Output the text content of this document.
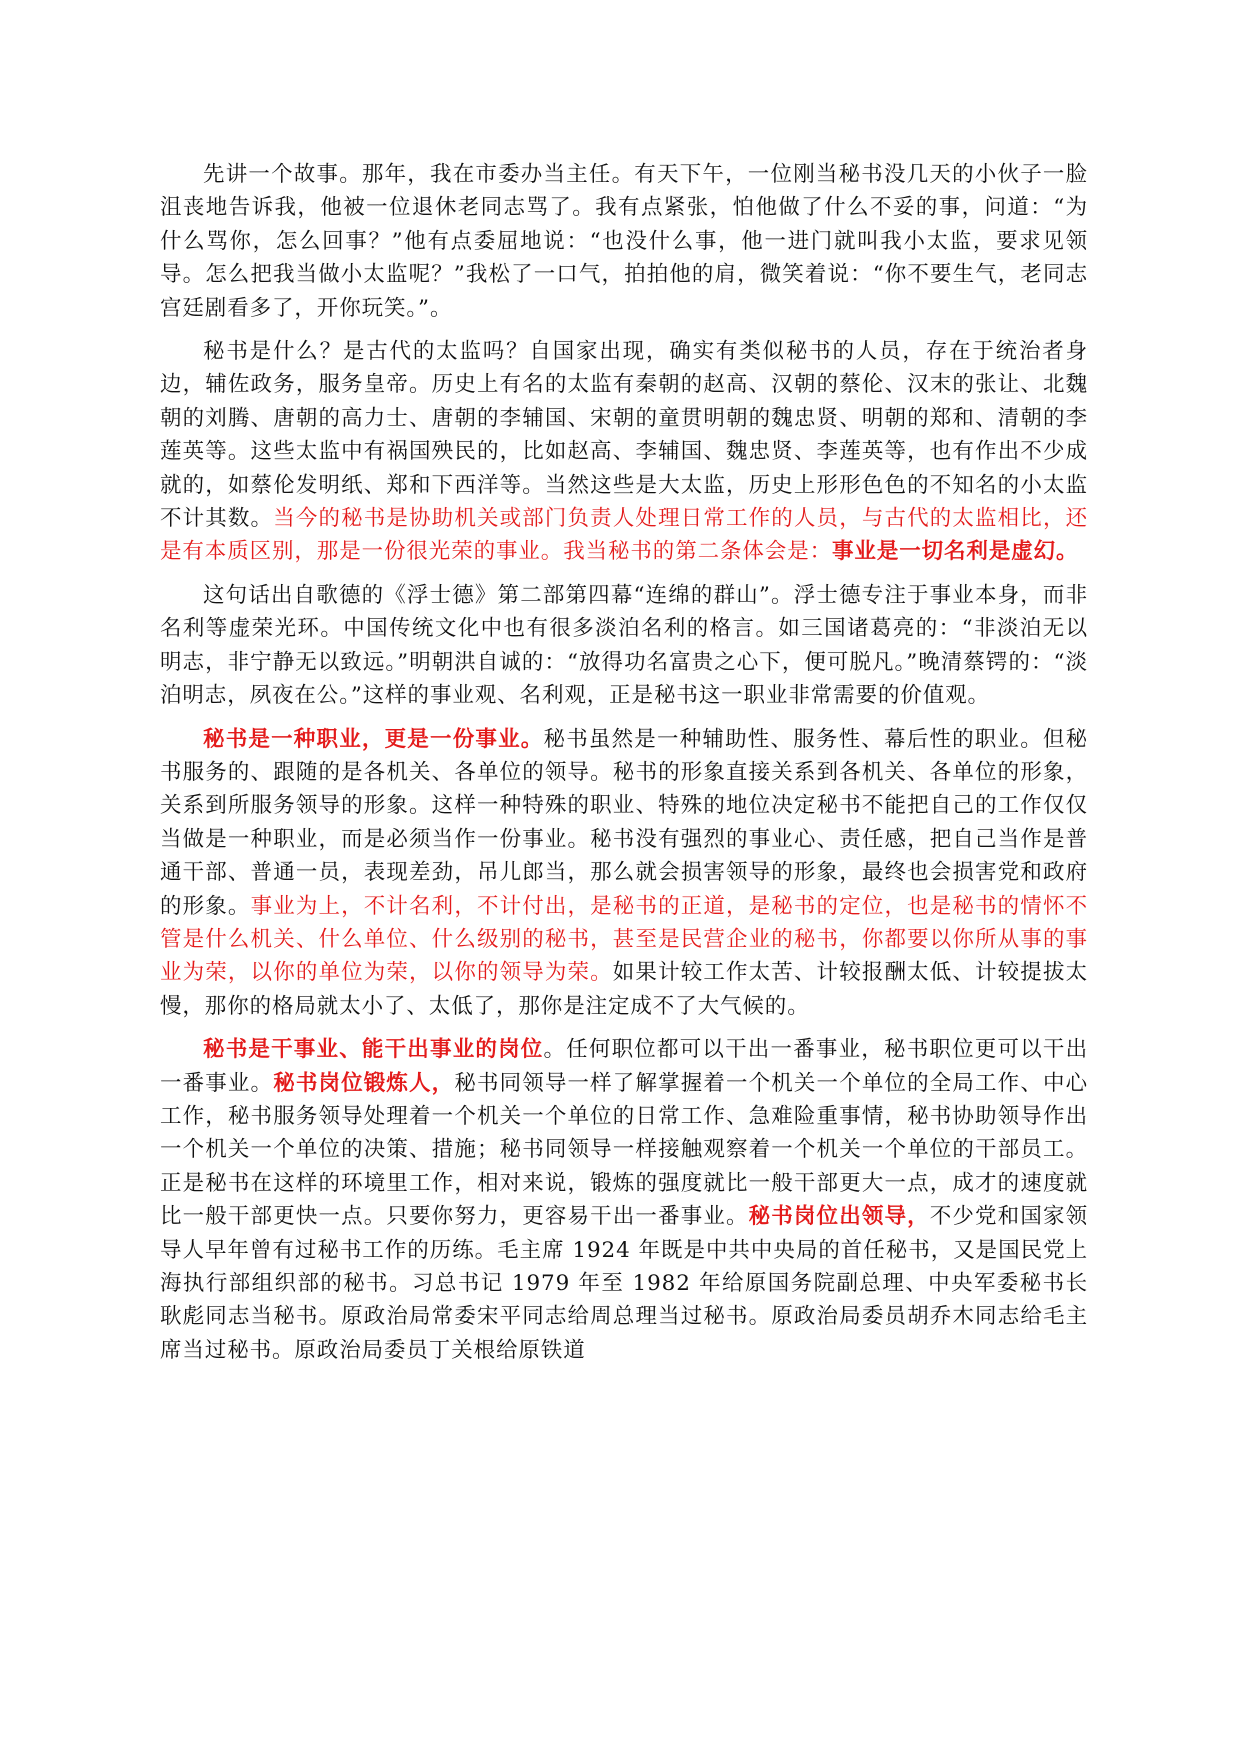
先讲一个故事。那年，我在市委办当主任。有天下午，一位刚当秘书没几天的小伙子一脸沮丧地告诉我，他被一位退休老同志骂了。我有点紧张，怕他做了什么不妥的事，问道：“为什么骂你，怎么回事？”他有点委屈地说：“也没什么事，他一进门就叫我小太监，要求见领导。怎么把我当做小太监呢？”我松了一口气，拍拍他的肩，微笑着说：“你不要生气，老同志宫廷剧看多了，开你玩笑。”。

秘书是什么？是古代的太监吗？自国家出现，确实有类似秘书的人员，存在于统治者身边，辅佐政务，服务皇帝。历史上有名的太监有秦朝的赵高、汉朝的蔡伦、汉末的张让、北魏朝的刘腾、唐朝的高力士、唐朝的李辅国、宋朝的童贯明朝的魏忠贤、明朝的郑和、清朝的李莲英等。这些太监中有祸国殃民的，比如赵高、李辅国、魏忠贤、李莲英等，也有作出不少成就的，如蔡伦发明纸、郑和下西洋等。当然这些是大太监，历史上形形色色的不知名的小太监不计其数。当今的秘书是协助机关或部门负责人处理日常工作的人员，与古代的太监相比，还是有本质区别，那是一份很光荣的事业。我当秘书的第二条体会是：事业是一切名利是虚幻。

这句话出自歌德的《浮士德》第二部第四幕“连绵的群山”。浮士德专注于事业本身，而非名利等虚荣光环。中国传统文化中也有很多淡泊名利的格言。如三国诸葛亮的：“非淡泊无以明志，非宁静无以致远。”明朝洪自诚的：“放得功名富贵之心下，便可脱凡。”晚清蔡锷的：“淡泊明志，夙夜在公。”这样的事业观、名利观，正是秘书这一职业非常需要的价值观。

秘书是一种职业，更是一份事业。秘书虽然是一种辅助性、服务性、幕后性的职业。但秘书服务的、跟随的是各机关、各单位的领导。秘书的形象直接关系到各机关、各单位的形象，关系到所服务领导的形象。这样一种特殊的职业、特殊的地位决定秘书不能把自己的工作仅仅当做是一种职业，而是必须当作一份事业。秘书没有强烈的事业心、责任感，把自己当作是普通干部、普通一员，表现差劲，吊儿郎当，那么就会损害领导的形象，最终也会损害党和政府的形象。事业为上，不计名利，不计付出，是秘书的正道，是秘书的定位，也是秘书的情怀不管是什么机关、什么单位、什么级别的秘书，甚至是民营企业的秘书，你都要以你所从事的事业为荣，以你的单位为荣，以你的领导为荣。如果计较工作太苦、计较报酬太低、计较提拔太慢，那你的格局就太小了、太低了，那你是注定成不了大气候的。

秘书是干事业、能干出事业的岗位。任何职位都可以干出一番事业，秘书职位更可以干出一番事业。秘书岗位锻炼人，秘书同领导一样了解掌握着一个机关一个单位的全局工作、中心工作，秘书服务领导处理着一个机关一个单位的日常工作、急难险重事情，秘书协助领导作出一个机关一个单位的决策、措施；秘书同领导一样接触观察着一个机关一个单位的干部员工。正是秘书在这样的环境里工作，相对来说，锻炼的强度就比一般干部更大一点，成才的速度就比一般干部更快一点。只要你努力，更容易干出一番事业。秘书岗位出领导，不少党和国家领导人早年曾有过秘书工作的历练。毛主席 1924 年既是中共中央局的首任秘书，又是国民党上海执行部组织部的秘书。习总书记 1979 年至 1982 年给原国务院副总理、中央军委秘书长耿彪同志当秘书。原政治局常委宋平同志给周总理当过秘书。原政治局委员胡乔木同志给毛主席当过秘书。原政治局委员丁关根给原铁道
